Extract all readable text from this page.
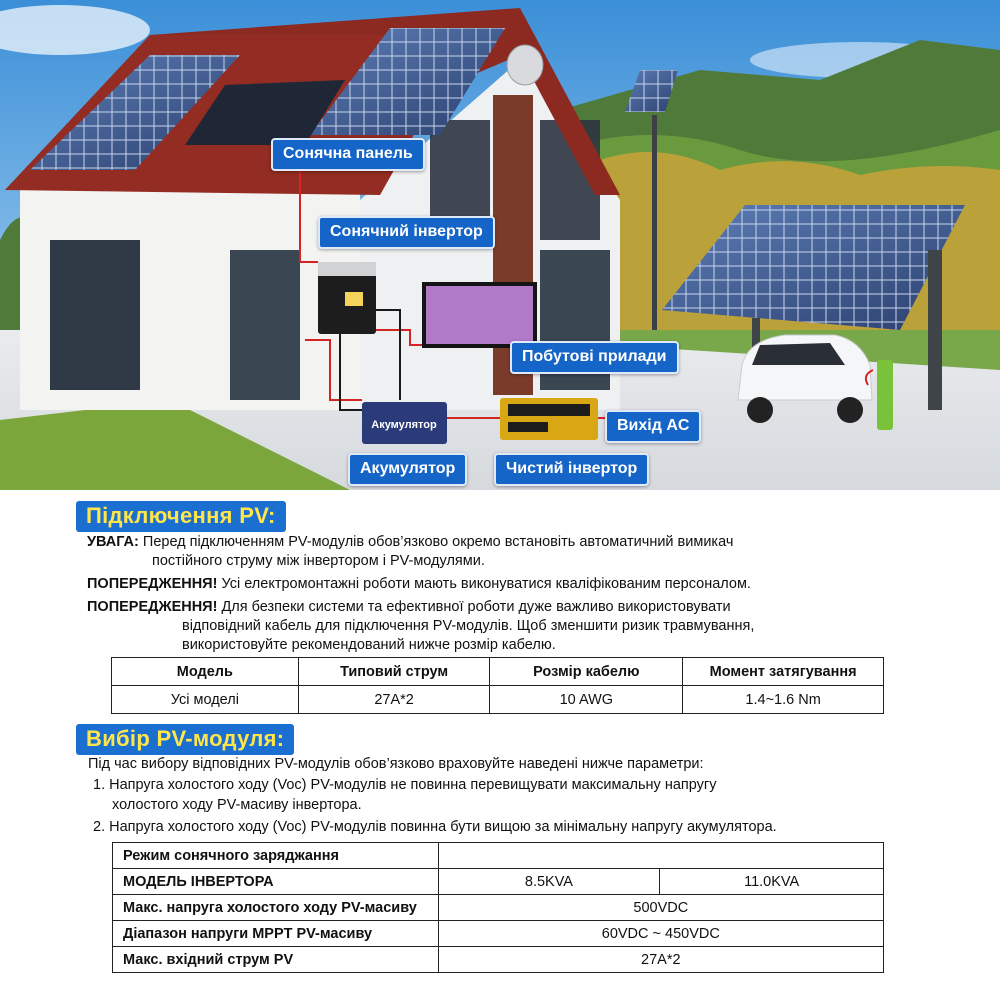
Акумулятор
Сонячна панель
Сонячний інвертор
Побутові прилади
Вихід AC
Акумулятор	Чистий інвертор
Підключення PV:
УВАГА: Перед підключенням PV-модулів обов’язково окремо встановіть автоматичний вимикач
постійного струму між інвертором і PV-модулями.
ПОПЕРЕДЖЕННЯ! Усі електромонтажні роботи мають виконуватися кваліфікованим персоналом.
ПОПЕРЕДЖЕННЯ! Для безпеки системи та ефективної роботи дуже важливо використовувати
відповідний кабель для підключення PV-модулів. Щоб зменшити ризик травмування,
використовуйте рекомендований нижче розмір кабелю.
Модель	Типовий струм	Розмір кабелю	Момент затягування
Усі моделі	27A*2	10 AWG	1.4~1.6 Nm
Вибір PV-модуля:
Під час вибору відповідних PV-модулів обов’язково враховуйте наведені нижче параметри:
1. Напруга холостого ходу (Voc) PV-модулів не повинна перевищувати максимальну напругу
холостого ходу PV-масиву інвертора.
2. Напруга холостого ходу (Voc) PV-модулів повинна бути вищою за мінімальну напругу акумулятора.
Режим сонячного заряджання		
МОДЕЛЬ ІНВЕРТОРА	8.5KVA	11.0KVA
Макс. напруга холостого ходу PV-масиву	500VDC	
Діапазон напруги MPPT PV-масиву	60VDC ~ 450VDC	
Макс. вхідний струм PV	27A*2	
